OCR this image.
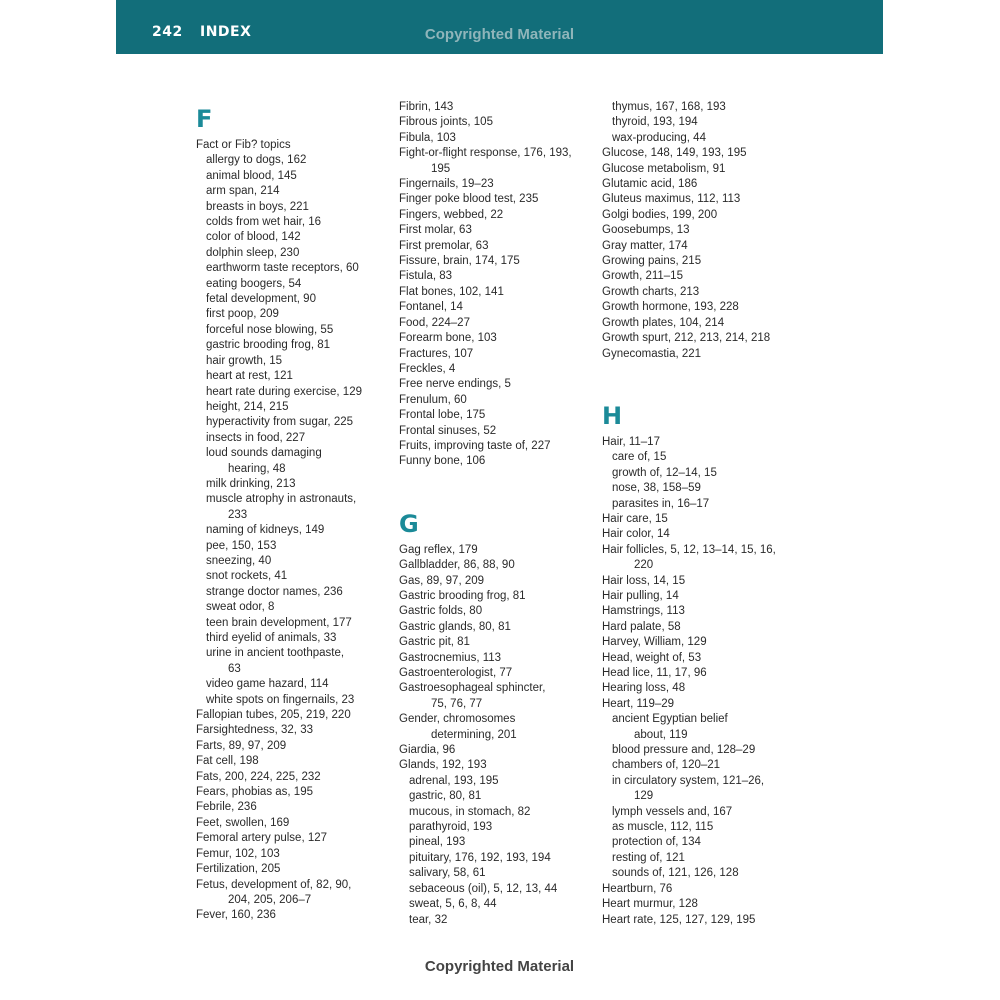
242 INDEX	Copyrighted Material
F
Fact or Fib? topics
allergy to dogs, 162
animal blood, 145
arm span, 214
breasts in boys, 221
colds from wet hair, 16
color of blood, 142
dolphin sleep, 230
earthworm taste receptors, 60
eating boogers, 54
fetal development, 90
first poop, 209
forceful nose blowing, 55
gastric brooding frog, 81
hair growth, 15
heart at rest, 121
heart rate during exercise, 129
height, 214, 215
hyperactivity from sugar, 225
insects in food, 227
loud sounds damaging
hearing, 48
milk drinking, 213
muscle atrophy in astronauts,
233
naming of kidneys, 149
pee, 150, 153
sneezing, 40
snot rockets, 41
strange doctor names, 236
sweat odor, 8
teen brain development, 177
third eyelid of animals, 33
urine in ancient toothpaste,
63
video game hazard, 114
white spots on fingernails, 23
Fallopian tubes, 205, 219, 220
Farsightedness, 32, 33
Farts, 89, 97, 209
Fat cell, 198
Fats, 200, 224, 225, 232
Fears, phobias as, 195
Febrile, 236
Feet, swollen, 169
Femoral artery pulse, 127
Femur, 102, 103
Fertilization, 205
Fetus, development of, 82, 90,
204, 205, 206–7
Fever, 160, 236
Fibrin, 143
Fibrous joints, 105
Fibula, 103
Fight-or-flight response, 176, 193,
195
Fingernails, 19–23
Finger poke blood test, 235
Fingers, webbed, 22
First molar, 63
First premolar, 63
Fissure, brain, 174, 175
Fistula, 83
Flat bones, 102, 141
Fontanel, 14
Food, 224–27
Forearm bone, 103
Fractures, 107
Freckles, 4
Free nerve endings, 5
Frenulum, 60
Frontal lobe, 175
Frontal sinuses, 52
Fruits, improving taste of, 227
Funny bone, 106
G
Gag reflex, 179
Gallbladder, 86, 88, 90
Gas, 89, 97, 209
Gastric brooding frog, 81
Gastric folds, 80
Gastric glands, 80, 81
Gastric pit, 81
Gastrocnemius, 113
Gastroenterologist, 77
Gastroesophageal sphincter,
75, 76, 77
Gender, chromosomes
determining, 201
Giardia, 96
Glands, 192, 193
adrenal, 193, 195
gastric, 80, 81
mucous, in stomach, 82
parathyroid, 193
pineal, 193
pituitary, 176, 192, 193, 194
salivary, 58, 61
sebaceous (oil), 5, 12, 13, 44
sweat, 5, 6, 8, 44
tear, 32
thymus, 167, 168, 193
thyroid, 193, 194
wax-producing, 44
Glucose, 148, 149, 193, 195
Glucose metabolism, 91
Glutamic acid, 186
Gluteus maximus, 112, 113
Golgi bodies, 199, 200
Goosebumps, 13
Gray matter, 174
Growing pains, 215
Growth, 211–15
Growth charts, 213
Growth hormone, 193, 228
Growth plates, 104, 214
Growth spurt, 212, 213, 214, 218
Gynecomastia, 221
H
Hair, 11–17
care of, 15
growth of, 12–14, 15
nose, 38, 158–59
parasites in, 16–17
Hair care, 15
Hair color, 14
Hair follicles, 5, 12, 13–14, 15, 16,
220
Hair loss, 14, 15
Hair pulling, 14
Hamstrings, 113
Hard palate, 58
Harvey, William, 129
Head, weight of, 53
Head lice, 11, 17, 96
Hearing loss, 48
Heart, 119–29
ancient Egyptian belief
about, 119
blood pressure and, 128–29
chambers of, 120–21
in circulatory system, 121–26,
129
lymph vessels and, 167
as muscle, 112, 115
protection of, 134
resting of, 121
sounds of, 121, 126, 128
Heartburn, 76
Heart murmur, 128
Heart rate, 125, 127, 129, 195
Copyrighted Material
